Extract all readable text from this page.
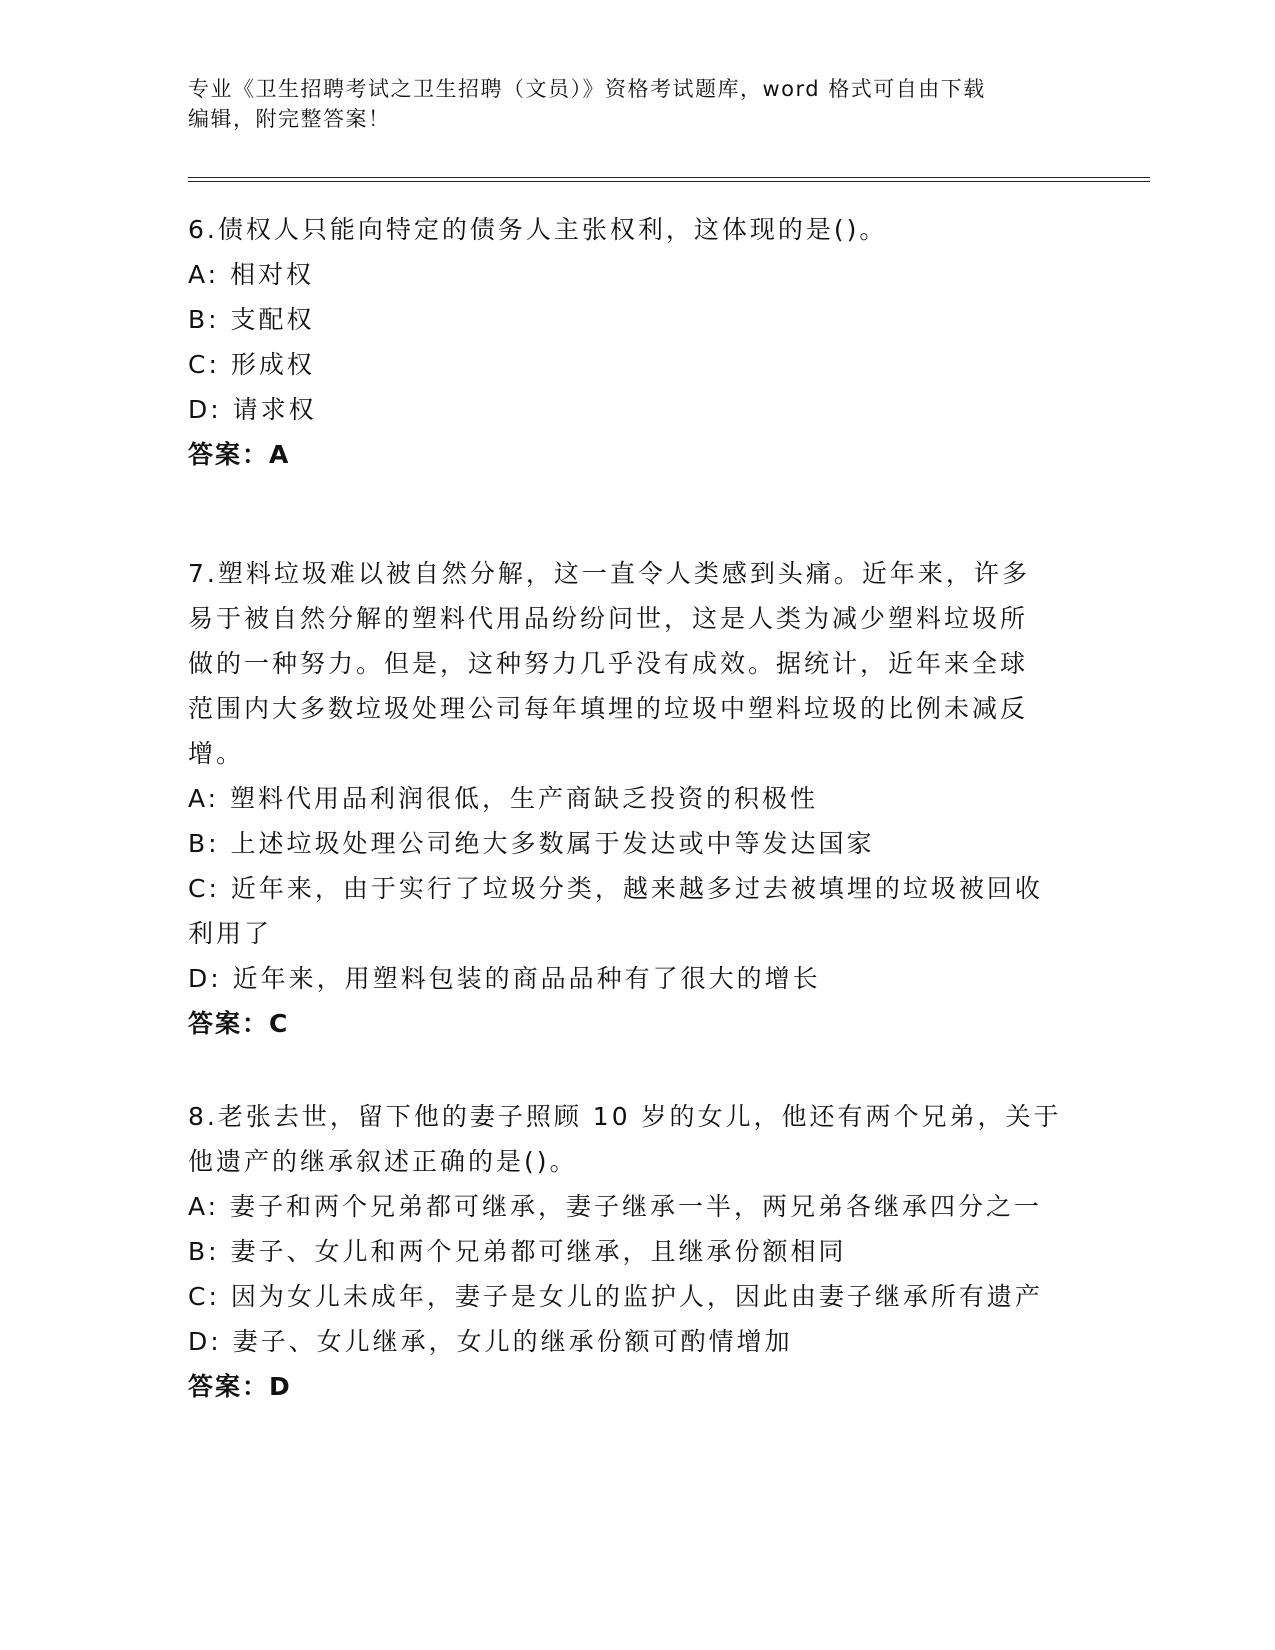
专业《卫生招聘考试之卫生招聘（文员）》资格考试题库，word 格式可自由下载
编辑，附完整答案！
6.债权人只能向特定的债务人主张权利，这体现的是()。
A: 相对权
B: 支配权
C: 形成权
D: 请求权
答案：A
7.塑料垃圾难以被自然分解，这一直令人类感到头痛。近年来，许多
易于被自然分解的塑料代用品纷纷问世，这是人类为减少塑料垃圾所
做的一种努力。但是，这种努力几乎没有成效。据统计，近年来全球
范围内大多数垃圾处理公司每年填埋的垃圾中塑料垃圾的比例未减反
增。
A: 塑料代用品利润很低，生产商缺乏投资的积极性
B: 上述垃圾处理公司绝大多数属于发达或中等发达国家
C: 近年来，由于实行了垃圾分类，越来越多过去被填埋的垃圾被回收
利用了
D: 近年来，用塑料包装的商品品种有了很大的增长
答案：C
8.老张去世，留下他的妻子照顾 10 岁的女儿，他还有两个兄弟，关于
他遗产的继承叙述正确的是()。
A: 妻子和两个兄弟都可继承，妻子继承一半，两兄弟各继承四分之一
B: 妻子、女儿和两个兄弟都可继承，且继承份额相同
C: 因为女儿未成年，妻子是女儿的监护人，因此由妻子继承所有遗产
D: 妻子、女儿继承，女儿的继承份额可酌情增加
答案：D
